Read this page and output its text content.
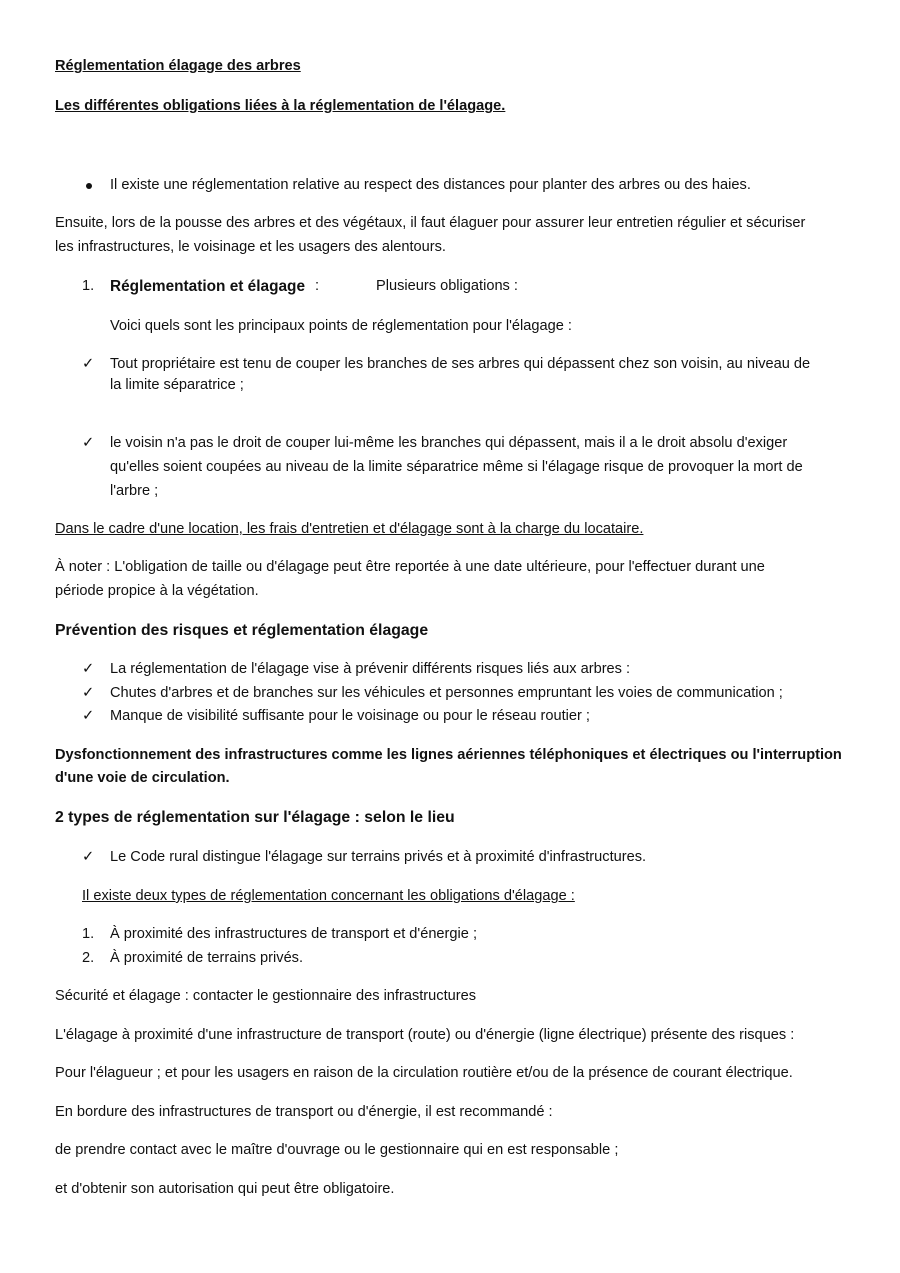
Réglementation élagage des arbres

Les différentes obligations liées à la réglementation de l'élagage.

Il existe une réglementation relative au respect des distances pour planter des arbres ou des haies.

Ensuite, lors de la pousse des arbres et des végétaux, il faut élaguer pour assurer leur entretien régulier et sécuriser

les infrastructures, le voisinage et les usagers des alentours.

1.	Réglementation et élagage :	Plusieurs obligations :

Voici quels sont les principaux points de réglementation pour l'élagage :

✓	Tout propriétaire est tenu de couper les branches de ses arbres qui dépassent chez son voisin, au niveau de

la limite séparatrice ;

✓	le voisin n'a pas le droit de couper lui-même les branches qui dépassent, mais il a le droit absolu d'exiger

qu'elles soient coupées au niveau de la limite séparatrice même si l'élagage risque de provoquer la mort de

l'arbre ;

Dans le cadre d'une location, les frais d'entretien et d'élagage sont à la charge du locataire.

À noter : L'obligation de taille ou d'élagage peut être reportée à une date ultérieure, pour l'effectuer durant une

période propice à la végétation.

Prévention des risques et réglementation élagage

✓	La réglementation de l'élagage vise à prévenir différents risques liés aux arbres :

✓	Chutes d'arbres et de branches sur les véhicules et personnes empruntant les voies de communication ;

✓	Manque de visibilité suffisante pour le voisinage ou pour le réseau routier ;

Dysfonctionnement des infrastructures comme les lignes aériennes téléphoniques et électriques ou l'interruption

d'une voie de circulation.

2 types de réglementation sur l'élagage : selon le lieu

✓	Le Code rural distingue l'élagage sur terrains privés et à proximité d'infrastructures.

Il existe deux types de réglementation concernant les obligations d'élagage :

1.	À proximité des infrastructures de transport et d'énergie ;

2.	À proximité de terrains privés.

Sécurité et élagage : contacter le gestionnaire des infrastructures

L'élagage à proximité d'une infrastructure de transport (route) ou d'énergie (ligne électrique) présente des risques :

Pour l'élagueur ; et pour les usagers en raison de la circulation routière et/ou de la présence de courant électrique.

En bordure des infrastructures de transport ou d'énergie, il est recommandé :

de prendre contact avec le maître d'ouvrage ou le gestionnaire qui en est responsable ;

et d'obtenir son autorisation qui peut être obligatoire.
